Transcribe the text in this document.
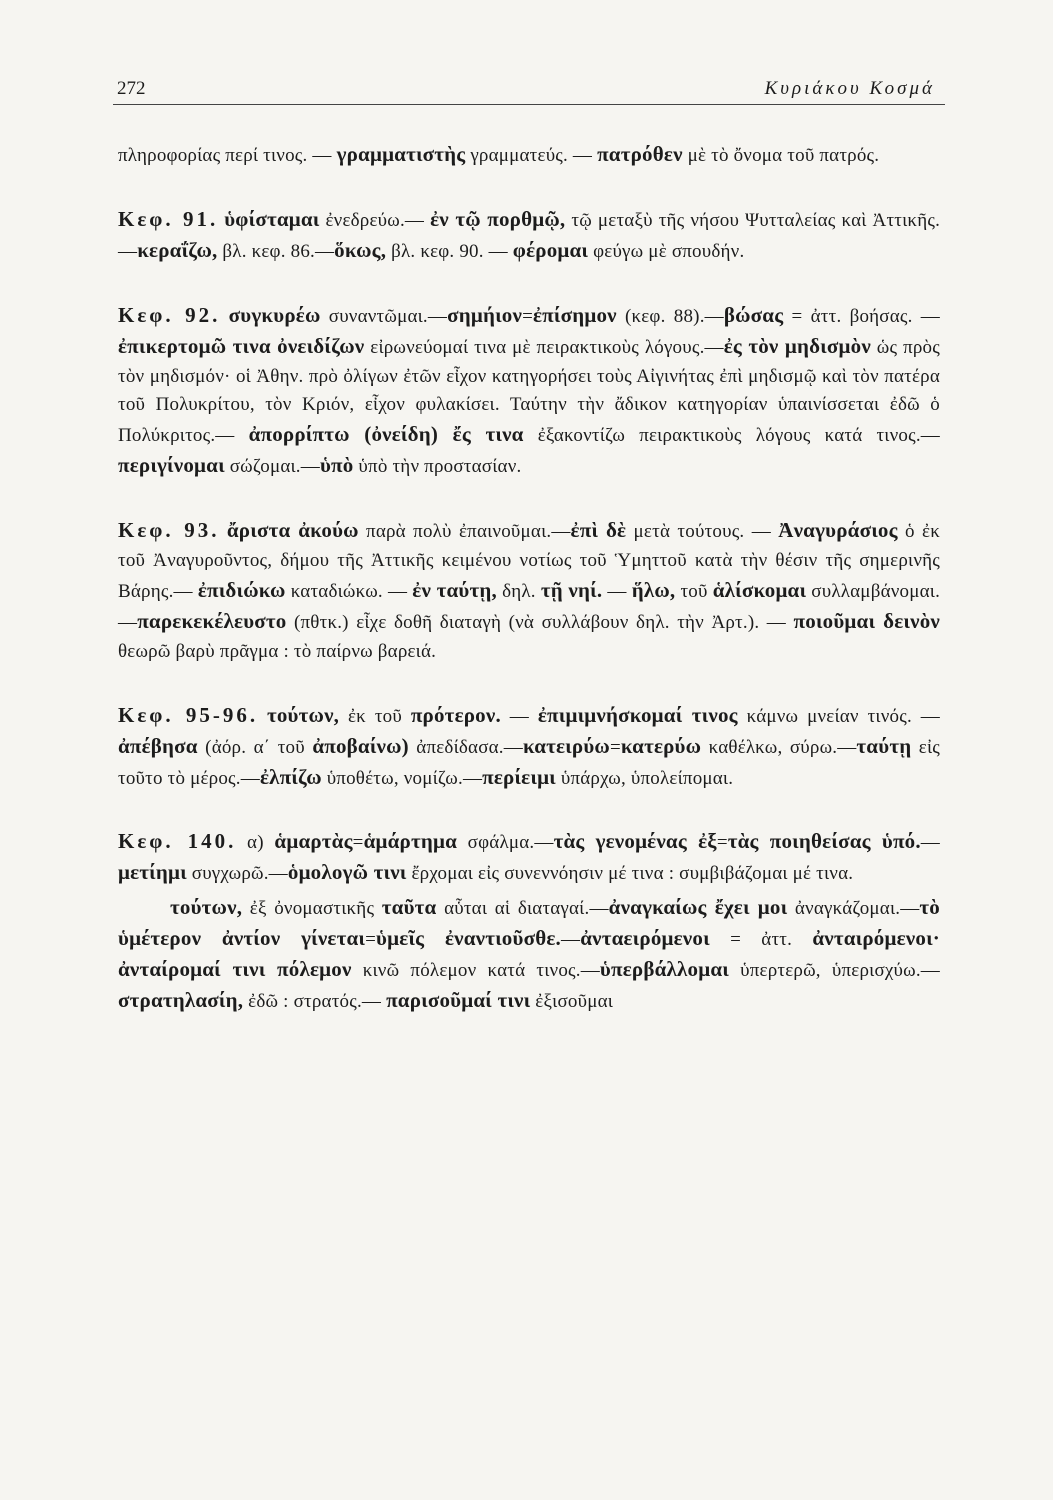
272	Κυριάκου Κοσμά

πληροφορίας περί τινος. — γραμματιστὴς γραμματεύς. — πατρόθεν μὲ τὸ ὄνομα τοῦ πατρός.

Κεφ. 91. ὑφίσταμαι ἐνεδρεύω.— ἐν τῷ πορθμῷ, τῷ μεταξὺ τῆς νήσου Ψυτταλείας καὶ Ἀττικῆς.—κεραΐζω, βλ. κεφ. 86.—ὅκως, βλ. κεφ. 90. — φέρομαι φεύγω μὲ σπουδήν.

Κεφ. 92. συγκυρέω συναντῶμαι.—σημήιον=ἐπίσημον (κεφ. 88).—βώσας = ἀττ. βοήσας. — ἐπικερτομῶ τινα ὀνειδίζων εἰρωνεύομαί τινα μὲ πειρακτικοὺς λόγους.—ἐς τὸν μηδισμὸν ὡς πρὸς τὸν μηδισμόν· οἱ Ἀθην. πρὸ ὀλίγων ἐτῶν εἶχον κατηγορήσει τοὺς Αἰγινήτας ἐπὶ μηδισμῷ καὶ τὸν πατέρα τοῦ Πολυκρίτου, τὸν Κριόν, εἶχον φυλακίσει. Ταύτην τὴν ἄδικον κατηγορίαν ὑπαινίσσεται ἐδῶ ὁ Πολύκριτος.— ἀπορρίπτω (ὀνείδη) ἔς τινα ἐξακοντίζω πειρακτικοὺς λόγους κατά τινος.—περιγίνομαι σώζομαι.—ὑπὸ ὑπὸ τὴν προστασίαν.

Κεφ. 93. ἄριστα ἀκούω παρὰ πολὺ ἐπαινοῦμαι.—ἐπὶ δὲ μετὰ τούτους. — Ἀναγυράσιος ὁ ἐκ τοῦ Ἀναγυροῦντος, δήμου τῆς Ἀττικῆς κειμένου νοτίως τοῦ Ὑμηττοῦ κατὰ τὴν θέσιν τῆς σημερινῆς Βάρης.— ἐπιδιώκω καταδιώκω. — ἐν ταύτῃ, δηλ. τῇ νηί. — ἥλω, τοῦ ἁλίσκομαι συλλαμβάνομαι.—παρεκεκέλευστο (πθτκ.) εἶχε δοθῆ διαταγὴ (νὰ συλλάβουν δηλ. τὴν Ἀρτ.). — ποιοῦμαι δεινὸν θεωρῶ βαρὺ πρᾶγμα : τὸ παίρνω βαρειά.

Κεφ. 95-96. τούτων, ἐκ τοῦ πρότερον. — ἐπιμιμνήσκομαί τινος κάμνω μνείαν τινός. — ἀπέβησα (ἀόρ. α΄ τοῦ ἀποβαίνω) ἀπεδίδασα.—κατειρύω=κατερύω καθέλκω, σύρω.—ταύτῃ εἰς τοῦτο τὸ μέρος.—ἐλπίζω ὑποθέτω, νομίζω.—περίειμι ὑπάρχω, ὑπολείπομαι.

Κεφ. 140. α) ἁμαρτὰς=ἁμάρτημα σφάλμα.—τὰς γενομένας ἐξ=τὰς ποιηθείσας ὑπό.—μετίημι συγχωρῶ.—ὁμολογῶ τινι ἔρχομαι εἰς συνεννόησιν μέ τινα : συμβιβάζομαι μέ τινα.

τούτων, ἐξ ὀνομαστικῆς ταῦτα αὗται αἱ διαταγαί.—ἀναγκαίως ἔχει μοι ἀναγκάζομαι.—τὸ ὑμέτερον ἀντίον γίνεται=ὑμεῖς ἐναντιοῦσθε.—ἀνταειρόμενοι = ἀττ. ἀνταιρόμενοι· ἀνταίρομαί τινι πόλεμον κινῶ πόλεμον κατά τινος.—ὑπερβάλλομαι ὑπερτερῶ, ὑπερισχύω.— στρατηλασίη, ἐδῶ : στρατός.— παρισοῦμαί τινι ἐξισοῦμαι
